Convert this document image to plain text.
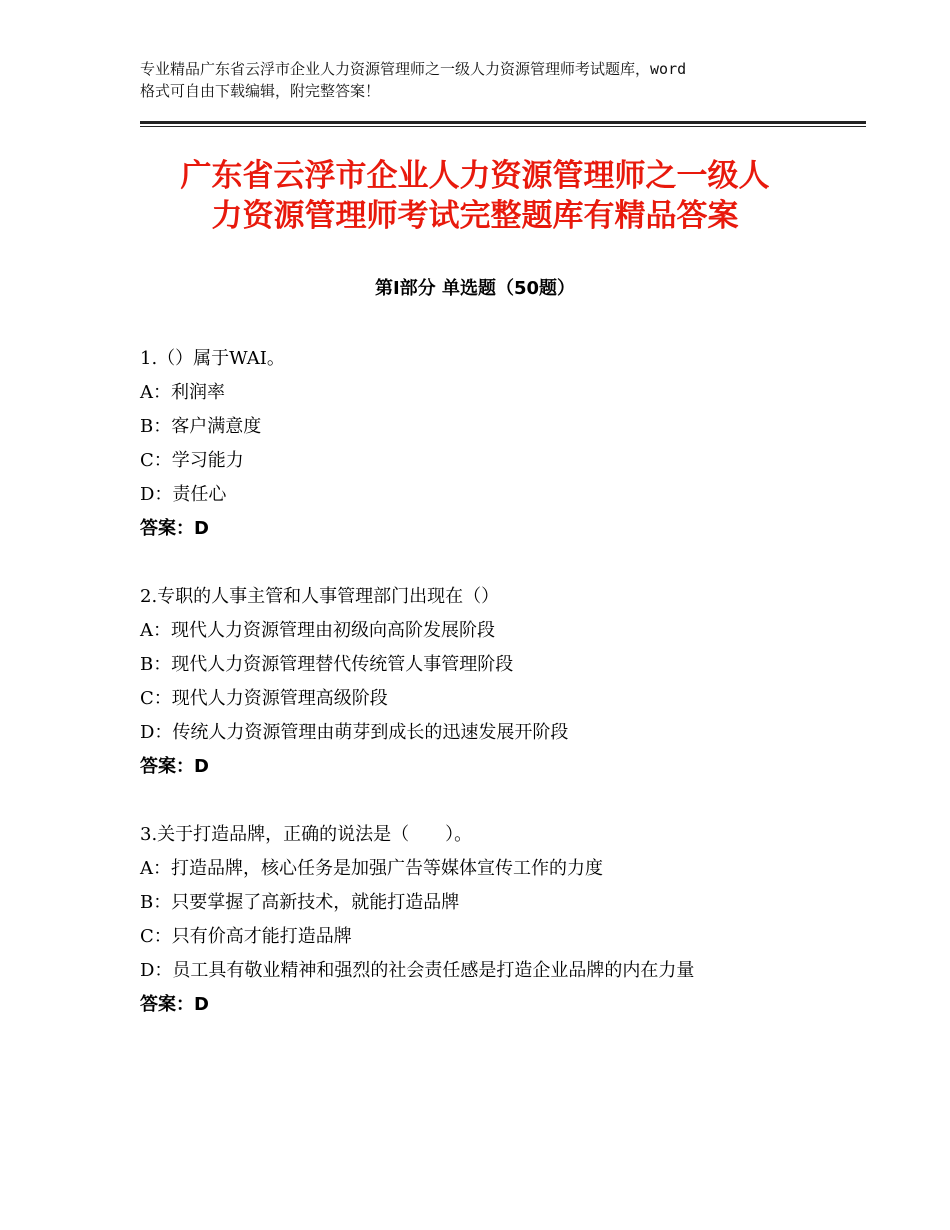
专业精品广东省云浮市企业人力资源管理师之一级人力资源管理师考试题库，word
格式可自由下载编辑，附完整答案！
广东省云浮市企业人力资源管理师之一级人
力资源管理师考试完整题库有精品答案
第Ⅰ部分 单选题（50题）
1.（）属于WAI。
A：利润率
B：客户满意度
C：学习能力
D：责任心
答案：D
2.专职的人事主管和人事管理部门出现在（）
A：现代人力资源管理由初级向高阶发展阶段
B：现代人力资源管理替代传统管人事管理阶段
C：现代人力资源管理高级阶段
D：传统人力资源管理由萌芽到成长的迅速发展开阶段
答案：D
3.关于打造品牌，正确的说法是（　　）。
A：打造品牌，核心任务是加强广告等媒体宣传工作的力度
B：只要掌握了高新技术，就能打造品牌
C：只有价高才能打造品牌
D：员工具有敬业精神和强烈的社会责任感是打造企业品牌的内在力量
答案：D
